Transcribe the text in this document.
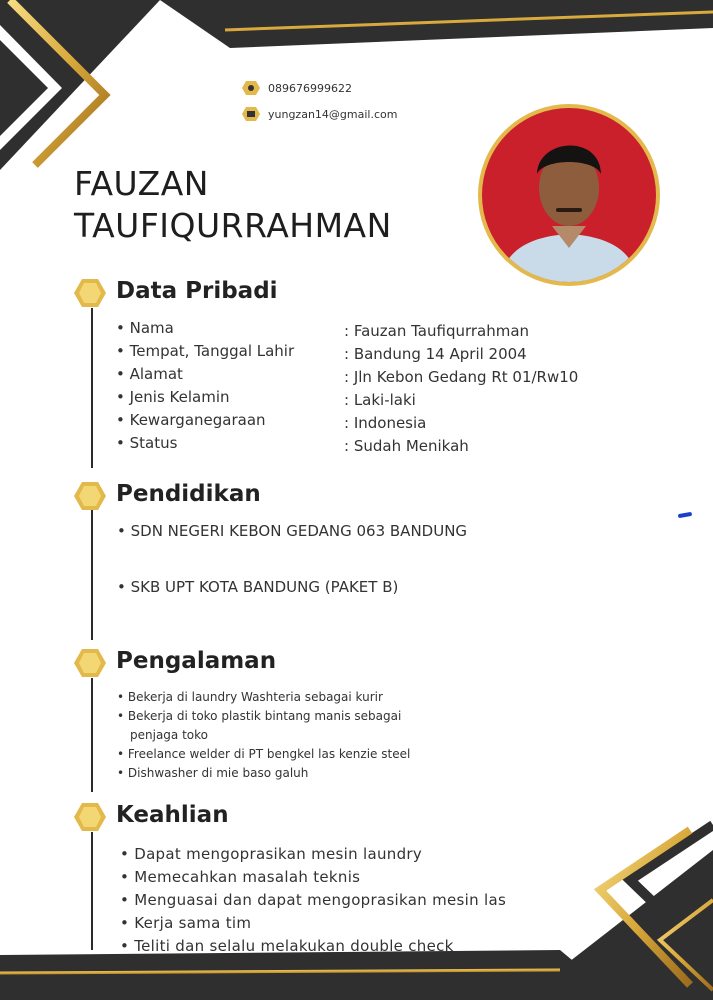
089676999622
yungzan14@gmail.com
FAUZAN
TAUFIQURRAHMAN
Data Pribadi
• Nama	: Fauzan Taufiqurrahman
• Tempat, Tanggal Lahir	: Bandung 14 April 2004
• Alamat	: Jln Kebon Gedang Rt 01/Rw10
• Jenis Kelamin	: Laki-laki
• Kewarganegaraan	: Indonesia
• Status	: Sudah Menikah
Pendidikan
• SDN NEGERI KEBON GEDANG 063 BANDUNG
• SKB UPT KOTA BANDUNG (PAKET B)
Pengalaman
• Bekerja di laundry Washteria sebagai kurir
• Bekerja di toko plastik bintang manis sebagai
penjaga toko
• Freelance welder di PT bengkel las kenzie steel
• Dishwasher di mie baso galuh
Keahlian
• Dapat mengoprasikan mesin laundry
• Memecahkan masalah teknis
• Menguasai dan dapat mengoprasikan mesin las
• Kerja sama tim
• Teliti dan selalu melakukan double check
